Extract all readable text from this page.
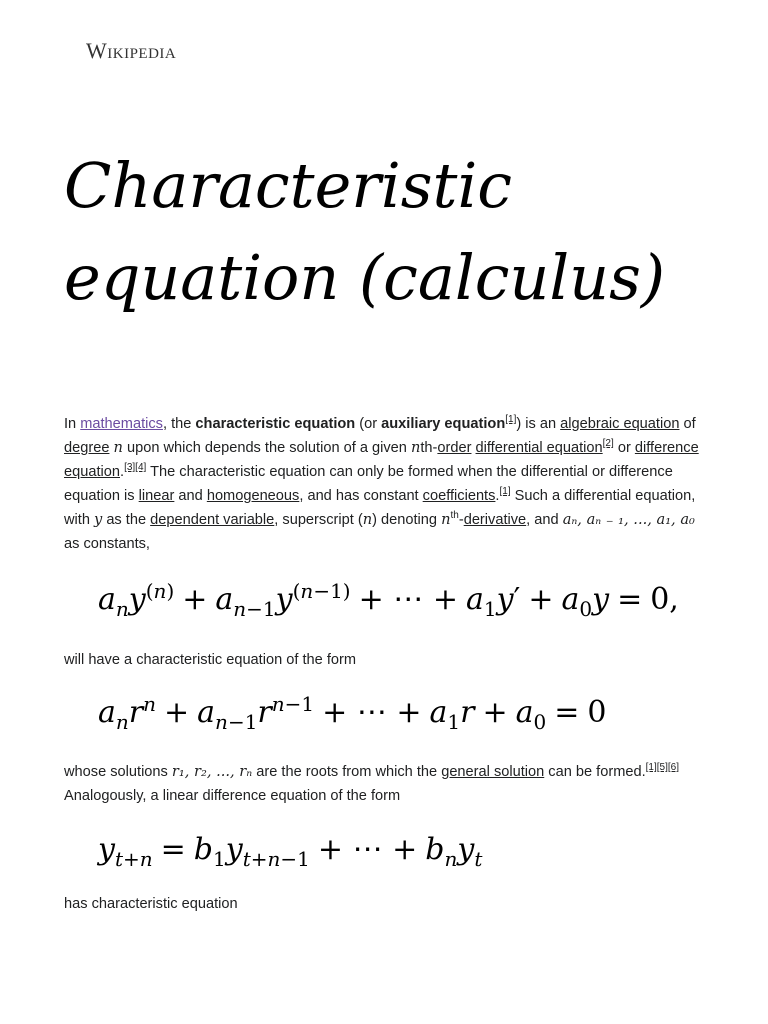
Wikipedia
Characteristic equation (calculus)
In mathematics, the characteristic equation (or auxiliary equation[1]) is an algebraic equation of degree n upon which depends the solution of a given nth-order differential equation[2] or difference equation.[3][4] The characteristic equation can only be formed when the differential or difference equation is linear and homogeneous, and has constant coefficients.[1] Such a differential equation, with y as the dependent variable, superscript (n) denoting $n^{th}$-derivative, and aₙ, aₙ ₋ ₁, ..., a₁, a₀ as constants,
$a_ny^{(n)} + a_{n-1}y^{(n-1)}$ + ⋯ + $a_1y' + a_0y = 0$,
will have a characteristic equation of the form
$a_nr^n + a_{n-1}r^{n-1}$ + ⋯ + $a_1r + a_0 = 0$
whose solutions r₁, r₂, ..., rₙ are the roots from which the general solution can be formed.[1][5][6] Analogously, a linear difference equation of the form
$y_{t+n} = b_1y_{t+n-1}$ + ⋯ + $b_ny_t$
has characteristic equation
